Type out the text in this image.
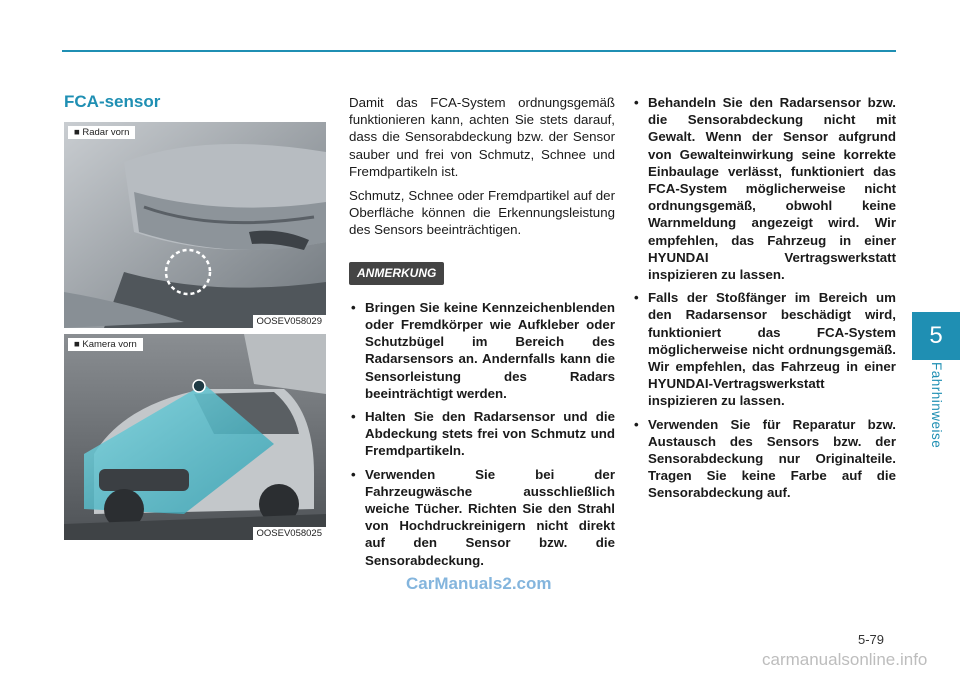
5
Fahrhinweise
FCA-sensor
■ Radar vorn
OOSEV058029
■ Kamera vorn
OOSEV058025

Damit das FCA-System ordnungsgemäß funktionieren kann, achten Sie stets darauf, dass die Sensorabdeckung bzw. der Sensor sauber und frei von Schmutz, Schnee und Fremdpartikeln ist.

Schmutz, Schnee oder Fremdpartikel auf der Oberfläche können die Erkennungsleistung des Sensors beeinträchtigen.

ANMERKUNG
• Bringen Sie keine Kennzeichenblenden oder Fremdkörper wie Aufkleber oder Schutzbügel im Bereich des Radarsensors an. Andernfalls kann die Sensorleistung des Radars beeinträchtigt werden.
• Halten Sie den Radarsensor und die Abdeckung stets frei von Schmutz und Fremdpartikeln.
• Verwenden Sie bei der Fahrzeugwäsche ausschließlich weiche Tücher. Richten Sie den Strahl von Hochdruckreinigern nicht direkt auf den Sensor bzw. die Sensorabdeckung.
• Behandeln Sie den Radarsensor bzw. die Sensorabdeckung nicht mit Gewalt. Wenn der Sensor aufgrund von Gewalteinwirkung seine korrekte Einbaulage verlässt, funktioniert das FCA-System möglicherweise nicht ordnungsgemäß, obwohl keine Warnmeldung angezeigt wird. Wir empfehlen, das Fahrzeug in einer HYUNDAI Vertragswerkstatt inspizieren zu lassen.
• Falls der Stoßfänger im Bereich um den Radarsensor beschädigt wird, funktioniert das FCA-System möglicherweise nicht ordnungsgemäß. Wir empfehlen, das Fahrzeug in einer HYUNDAI-Vertragswerkstatt inspizieren zu lassen.
• Verwenden Sie für Reparatur bzw. Austausch des Sensors bzw. der Sensorabdeckung nur Originalteile. Tragen Sie keine Farbe auf die Sensorabdeckung auf.
5-79
CarManuals2.com
carmanualsonline.info
